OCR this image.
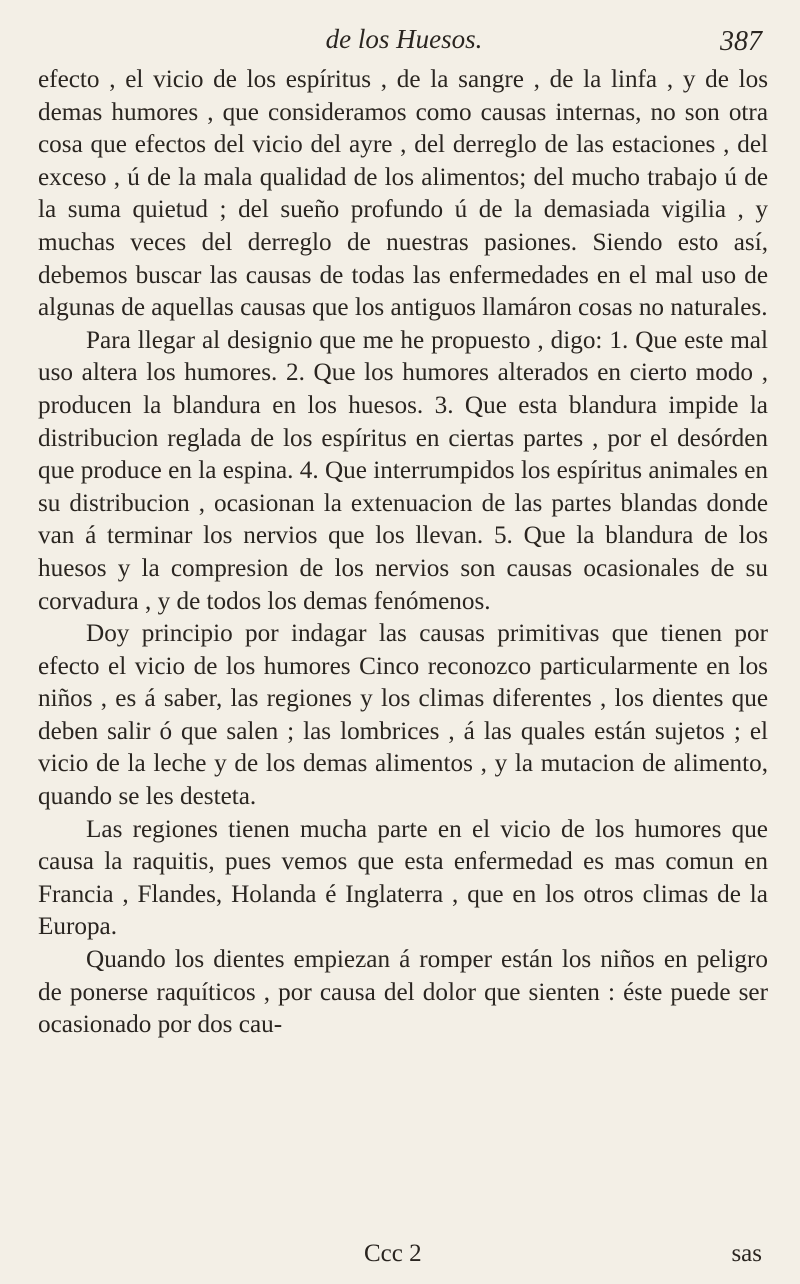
de los Huesos.	387

efecto , el vicio de los espíritus , de la sangre , de la linfa , y de los demas humores , que consideramos como causas internas, no son otra cosa que efectos del vicio del ayre , del derreglo de las estaciones , del exceso , ú de la mala qualidad de los alimentos; del mucho trabajo ú de la suma quietud ; del sueño profundo ú de la demasiada vigilia , y muchas veces del derreglo de nuestras pasiones. Siendo esto así, debemos buscar las causas de todas las enfermedades en el mal uso de algunas de aquellas causas que los antiguos llamáron cosas no naturales.

Para llegar al designio que me he propuesto , digo: 1. Que este mal uso altera los humores. 2. Que los humores alterados en cierto modo , producen la blandura en los huesos. 3. Que esta blandura impide la distribucion reglada de los espíritus en ciertas partes , por el desórden que produce en la espina. 4. Que interrumpidos los espíritus animales en su distribucion , ocasionan la extenuacion de las partes blandas donde van á terminar los nervios que los llevan. 5. Que la blandura de los huesos y la compresion de los nervios son causas ocasionales de su corvadura , y de todos los demas fenómenos.

Doy principio por indagar las causas primitivas que tienen por efecto el vicio de los humores Cinco reconozco particularmente en los niños , es á saber, las regiones y los climas diferentes , los dientes que deben salir ó que salen ; las lombrices , á las quales están sujetos ; el vicio de la leche y de los demas alimentos , y la mutacion de alimento, quando se les desteta.

Las regiones tienen mucha parte en el vicio de los humores que causa la raquitis, pues vemos que esta enfermedad es mas comun en Francia , Flandes, Holanda é Inglaterra , que en los otros climas de la Europa.

Quando los dientes empiezan á romper están los niños en peligro de ponerse raquíticos , por causa del dolor que sienten : éste puede ser ocasionado por dos cau-

Ccc 2	sas
